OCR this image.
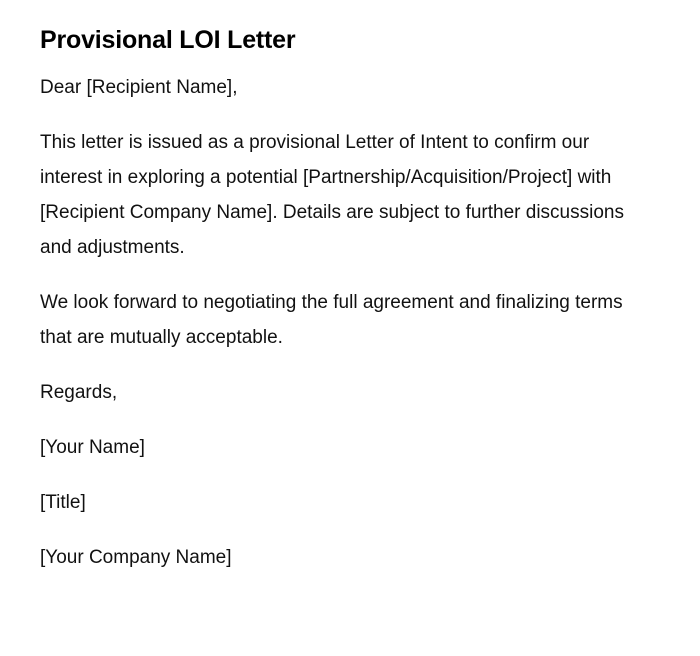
Provisional LOI Letter

Dear [Recipient Name],

This letter is issued as a provisional Letter of Intent to confirm our interest in exploring a potential [Partnership/Acquisition/Project] with [Recipient Company Name]. Details are subject to further discussions and adjustments.

We look forward to negotiating the full agreement and finalizing terms that are mutually acceptable.

Regards,

[Your Name]

[Title]

[Your Company Name]
